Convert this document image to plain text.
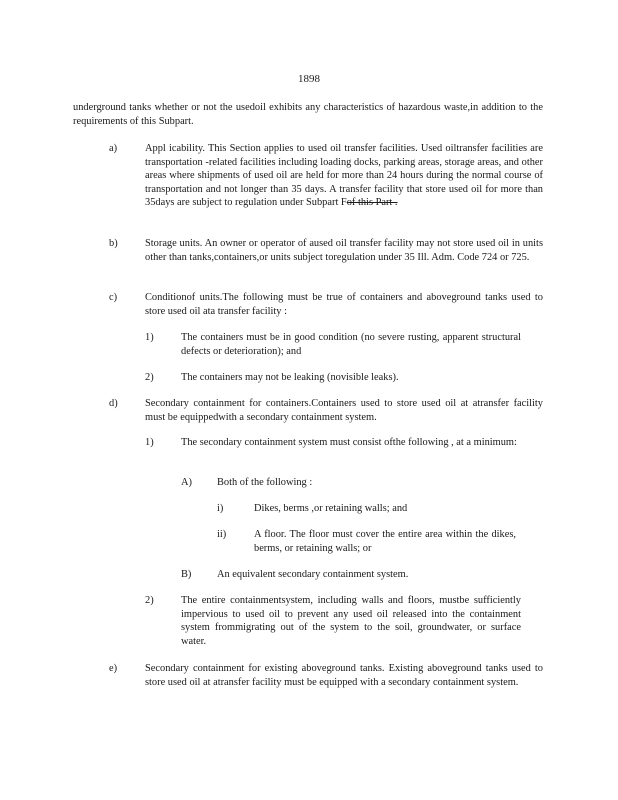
1898
underground tanks whether or not the usedoil exhibits any characteristics of hazardous waste,in addition to the requirements of this Subpart.
a)	Appl icability. This Section applies to used oil transfer facilities. Used oiltransfer facilities are transportation -related facilities including loading docks, parking areas, storage areas, and other areas where shipments of used oil are held for more than 24 hours during the normal course of transportation and not longer than 35 days. A transfer facility that store used oil for more than 35days are subject to regulation under Subpart Fof this Part .
b)	Storage units. An owner or operator of aused oil transfer facility may not store used oil in units other than tanks,containers,or units subject toregulation under 35 Ill. Adm. Code 724 or 725.
c)	Conditionof units.The following must be true of containers and aboveground tanks used to store used oil ata transfer facility :
1)	The containers must be in good condition (no severe rusting, apparent structural defects or deterioration); and
2)	The containers may not be leaking (novisible leaks).
d)	Secondary containment for containers.Containers used to store used oil at atransfer facility must be equippedwith a secondary containment system.
1)	The secondary containment system must consist ofthe following , at a minimum:
A) Both of the following :
i)	Dikes, berms ,or retaining walls; and
ii)	A floor. The floor must cover the entire area within the dikes, berms, or retaining walls; or
B) An equivalent secondary containment system.
2)	The entire containmentsystem, including walls and floors, mustbe sufficiently impervious to used oil to prevent any used oil released into the containment system frommigrating out of the system to the soil, groundwater, or surface water.
e)	Secondary containment for existing aboveground tanks. Existing aboveground tanks used to store used oil at atransfer facility must be equipped with a secondary containment system.
